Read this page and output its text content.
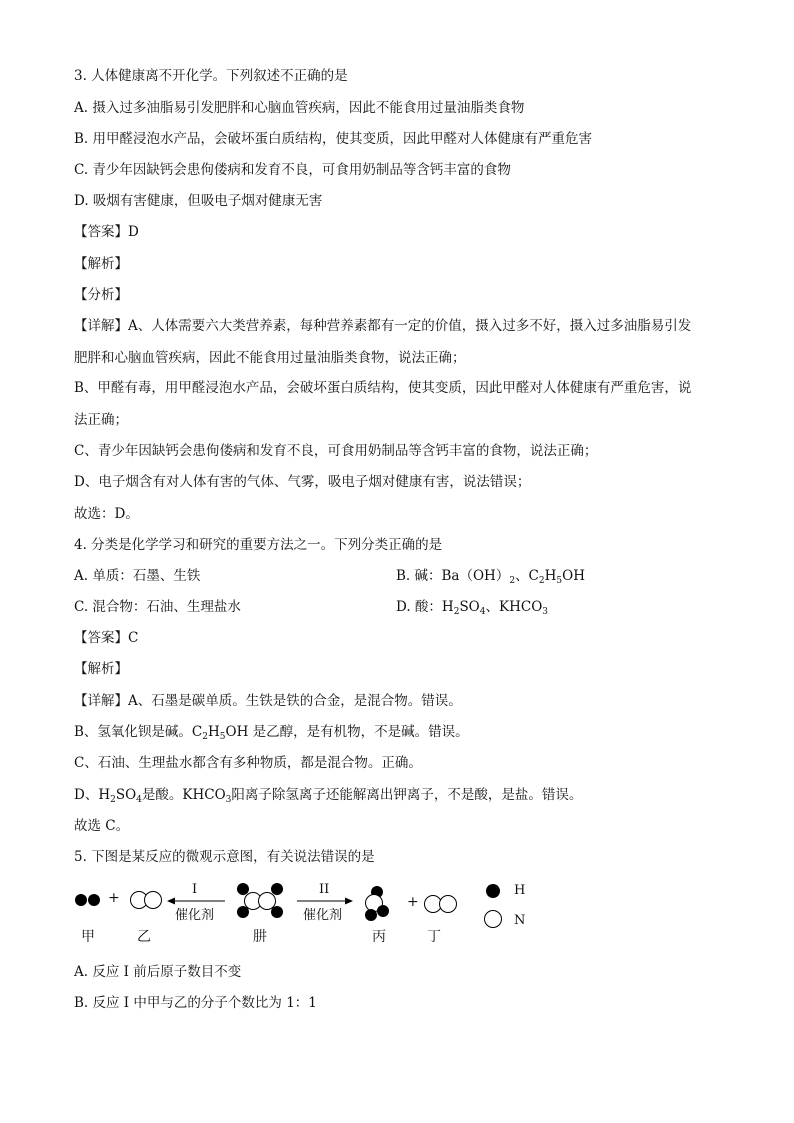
3. 人体健康离不开化学。下列叙述不正确的是
A. 摄入过多油脂易引发肥胖和心脑血管疾病，因此不能食用过量油脂类食物
B. 用甲醛浸泡水产品，会破坏蛋白质结构，使其变质，因此甲醛对人体健康有严重危害
C. 青少年因缺钙会患佝偻病和发育不良，可食用奶制品等含钙丰富的食物
D. 吸烟有害健康，但吸电子烟对健康无害
【答案】D
【解析】
【分析】
【详解】A、人体需要六大类营养素，每种营养素都有一定的价值，摄入过多不好，摄入过多油脂易引发
肥胖和心脑血管疾病，因此不能食用过量油脂类食物，说法正确；
B、甲醛有毒，用甲醛浸泡水产品，会破坏蛋白质结构，使其变质，因此甲醛对人体健康有严重危害，说
法正确；
C、青少年因缺钙会患佝偻病和发育不良，可食用奶制品等含钙丰富的食物，说法正确；
D、电子烟含有对人体有害的气体、气雾，吸电子烟对健康有害，说法错误；
故选：D。
4. 分类是化学学习和研究的重要方法之一。下列分类正确的是
A. 单质：石墨、生铁	B. 碱：$Ba(OH)_2$、$C_2H_5OH$
C. 混合物：石油、生理盐水	D. 酸：$H_2SO_4$、$KHCO_3$
【答案】C
【解析】
【详解】A、石墨是碳单质。生铁是铁的合金，是混合物。错误。
B、氢氧化钡是碱。$C_2H_5OH$ 是乙醇，是有机物，不是碱。错误。
C、石油、生理盐水都含有多种物质，都是混合物。正确。
D、$H_2SO_4$是酸。$KHCO_3$阳离子除氢离子还能解离出钾离子，不是酸，是盐。错误。
故选 C。
5. 下图是某反应的微观示意图，有关说法错误的是
+
I
催化剂
II
催化剂
+
H
N
甲	乙	肼	丙	丁
A. 反应 I 前后原子数目不变
B. 反应 I 中甲与乙的分子个数比为 1：1
